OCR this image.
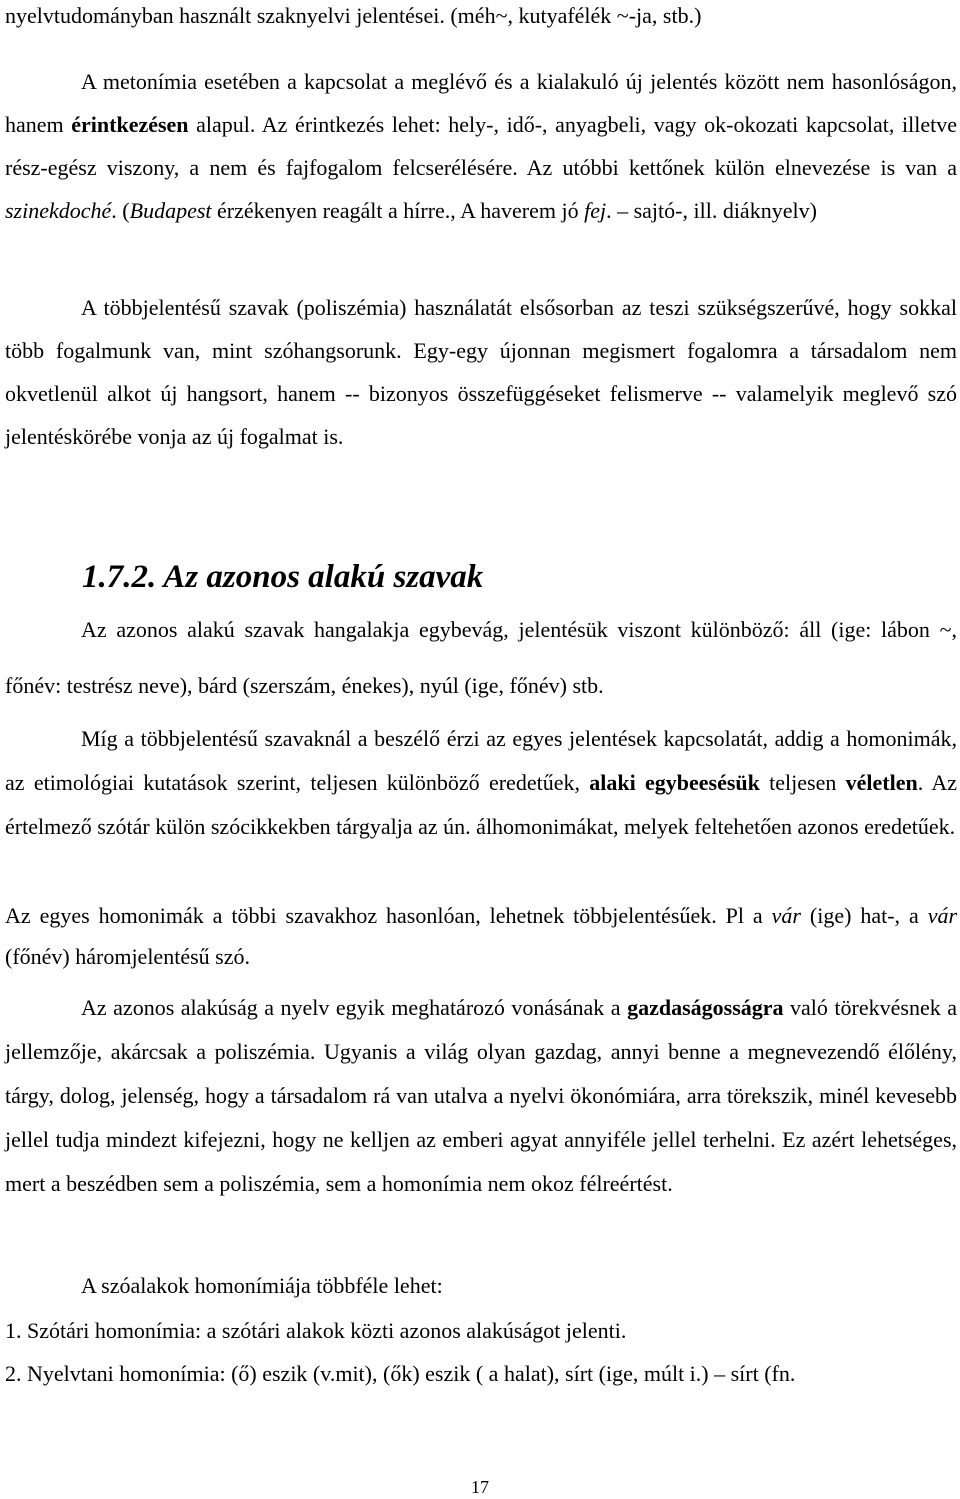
nyelvtudományban használt szaknyelvi jelentései. (méh~, kutyafélék ~-ja, stb.)

A metonímia esetében a kapcsolat a meglévő és a kialakuló új jelentés között nem hasonlóságon, hanem érintkezésen alapul. Az érintkezés lehet: hely-, idő-, anyagbeli, vagy ok-okozati kapcsolat, illetve rész-egész viszony, a nem és fajfogalom felcserélésére. Az utóbbi kettőnek külön elnevezése is van a szinekdoché. (Budapest érzékenyen reagált a hírre., A haverem jó fej. – sajtó-, ill. diáknyelv)

A többjelentésű szavak (poliszémia) használatát elsősorban az teszi szükségszerűvé, hogy sokkal több fogalmunk van, mint szóhangsorunk. Egy-egy újonnan megismert fogalomra a társadalom nem okvetlenül alkot új hangsort, hanem -- bizonyos összefüggéseket felismerve -- valamelyik meglevő szó jelentéskörébe vonja az új fogalmat is.

1.7.2. Az azonos alakú szavak

Az azonos alakú szavak hangalakja egybevág, jelentésük viszont különböző: áll (ige: lábon ~, főnév: testrész neve), bárd (szerszám, énekes), nyúl (ige, főnév) stb.

Míg a többjelentésű szavaknál a beszélő érzi az egyes jelentések kapcsolatát, addig a homonimák, az etimológiai kutatások szerint, teljesen különböző eredetűek, alaki egybeesésük teljesen véletlen. Az értelmező szótár külön szócikkekben tárgyalja az ún. álhomonimákat, melyek feltehetően azonos eredetűek.

Az egyes homonimák a többi szavakhoz hasonlóan, lehetnek többjelentésűek. Pl a vár (ige) hat-, a vár (főnév) háromjelentésű szó.

Az azonos alakúság a nyelv egyik meghatározó vonásának a gazdaságosságra való törekvésnek a jellemzője, akárcsak a poliszémia. Ugyanis a világ olyan gazdag, annyi benne a megnevezendő élőlény, tárgy, dolog, jelenség, hogy a társadalom rá van utalva a nyelvi ökonómiára, arra törekszik, minél kevesebb jellel tudja mindezt kifejezni, hogy ne kelljen az emberi agyat annyiféle jellel terhelni. Ez azért lehetséges, mert a beszédben sem a poliszémia, sem a homonímia nem okoz félreértést.

A szóalakok homonímiája többféle lehet:

1. Szótári homonímia: a szótári alakok közti azonos alakúságot jelenti.

2. Nyelvtani homonímia: (ő) eszik (v.mit), (ők) eszik ( a halat), sírt (ige, múlt i.) – sírt (fn.

17
